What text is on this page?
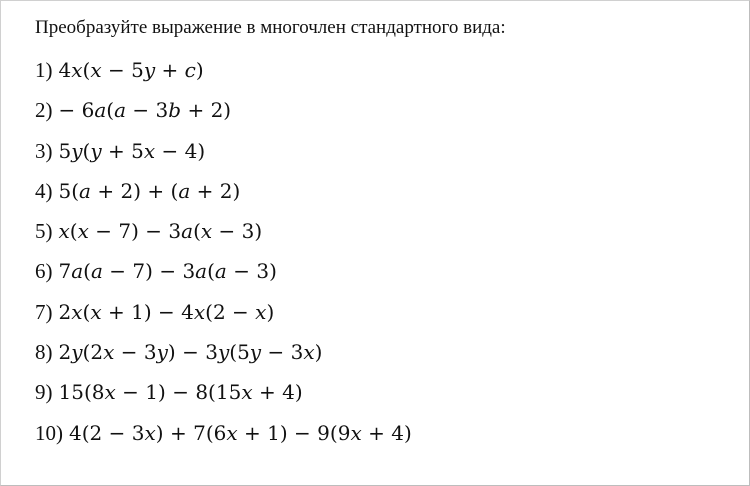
Преобразуйте выражение в многочлен стандартного вида:
1) 4x(x − 5y + c)
2) − 6a(a − 3b + 2)
3) 5y(y + 5x − 4)
4) 5(a + 2) + (a + 2)
5) x(x − 7) − 3a(x − 3)
6) 7a(a − 7) − 3a(a − 3)
7) 2x(x + 1) − 4x(2 − x)
8) 2y(2x − 3y) − 3y(5y − 3x)
9) 15(8x − 1) − 8(15x + 4)
10) 4(2 − 3x) + 7(6x + 1) − 9(9x + 4)
